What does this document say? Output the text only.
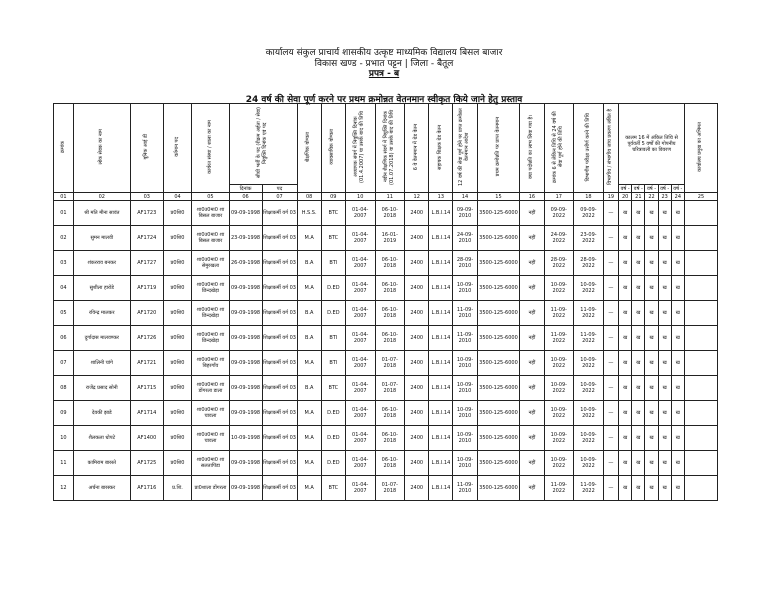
कार्यालय संकुल प्राचार्य शासकीय उत्कृष्ट माध्यमिक विद्यालय बिसल बाजार
विकास खण्ड - प्रभात पट्टन | जिला - बैतूल
प्रपत्र - ब
24 वर्ष की सेवा पूर्ण करने पर प्रथम क्रमोन्नत वेतनमान स्वीकृत किये जाने हेतु प्रस्ताव
क्रमांक	लोक सेवक का नाम	यूनिक आई डी	वर्तमान पद	कार्यरत संस्था / शाला का नाम	सीधी भर्ती के पद (रीक्रम अर्हता / सेवा) नियुक्ति दिनांक एवं पद		शैक्षणिक योग्यता	व्यावसायिक योग्यता	अध्यापक संवर्ग में नियुक्ति दिनांक (01.4.2007) या उसके बाद की तिथि	नवीन शैक्षणिक संवर्ग में नियुक्ति दिनांक (01.07.2018) या उसके बाद की तिथि	6 वे वेतनमान में ग्रेड वेतन	सहायक शिक्षक ग्रेड वेतन	12 वर्ष की सेवा पूर्ण होने पर प्राप्त क्रमोन्नत वेतनमान आदेश	प्रथम क्रमोन्नति पर प्राप्त वेतनमान	क्या पदोन्नति का लाभ लिया गया है।	क्रमांक 6 से लेकिन तिथि से 24 वर्ष की सेवा पूर्ण होने की तिथि	विभागीय परीक्षा उत्तीर्ण करने की तिथि	विभागीय / संभागीय जांच प्रकरण लंबित है	कालम 16 में अंकित तिथि से पूर्ववर्ती 5 वर्षों की गोपनीय चरित्रावली का विवरण					कार्यालय प्रमुख का अभिमत
					दिनांक	पद													वर्ष -	वर्ष -	वर्ष -	वर्ष -	वर्ष -	
01	02	03	04	05	06	07	08	09	10	11	12	13	14	15	16	17	18	19	20	21	22	23	24	25
01	श्री मति मीना सावंत	AF1723	प्र0शि0	शा0उ0मा0 शा बिसल बाजार	09-09-1998	शिक्षाकर्मी वर्ग 03	H.S.S.	BTC	01-04-2007	06-10-2018	2400	L.B.I.14	09-09-2010	3500-125-6000	नहीं	09-09-2022	09-09-2022	—	ख	ख	ख	ख	ख	
02	सुमन मालवी	AF1724	प्र0शि0	शा0उ0मा0 शा बिसल बाजार	23-09-1998	शिक्षाकर्मी वर्ग 03	M.A	BTC	01-04-2007	16-01-2019	2400	L.B.I.14	24-09-2010	3500-125-6000	नहीं	24-09-2022	23-09-2022	—	ख	ख	ख	ख	ख	
03	शंकरराव बनकर	AF1727	प्र0शि0	शा0उ0मा0 शा सेमुरखला	26-09-1998	शिक्षाकर्मी वर्ग 03	B.A	BTI	01-04-2007	06-10-2018	2400	L.B.I.14	28-09-2010	3500-125-6000	नहीं	28-09-2022	28-09-2022	—	ख	ख	ख	ख	ख	
04	सुशीला हारोडे	AF1719	प्र0शि0	शा0उ0मा0 शा छिन्दखेड़ा	09-09-1998	शिक्षाकर्मी वर्ग 03	M.A	D.ED	01-04-2007	06-10-2018	2400	L.B.I.14	10-09-2010	3500-125-6000	नहीं	10-09-2022	10-09-2022	—	ख	ख	ख	ख	ख	
05	रविन्द्र मालकर	AF1720	प्र0शि0	शा0उ0मा0 शा छिन्दखेड़ा	09-09-1998	शिक्षाकर्मी वर्ग 03	B.A	D.ED	01-04-2007	06-10-2018	2400	L.B.I.14	11-09-2010	3500-125-6000	नहीं	11-09-2022	11-09-2022	—	ख	ख	ख	ख	ख	
06	दुर्गादास मालवण्कर	AF1726	प्र0शि0	शा0उ0मा0 शा छिन्दखेड़ा	09-09-1998	शिक्षाकर्मी वर्ग 03	B.A	BTI	01-04-2007	06-10-2018	2400	L.B.I.14	11-09-2010	3500-125-6000	नहीं	11-09-2022	11-09-2022	—	ख	ख	ख	ख	ख	
07	शालिनी चांगे	AF1721	प्र0शि0	शा0उ0मा0 शा बिहरगाँव	09-09-1998	शिक्षाकर्मी वर्ग 03	M.A	BTI	01-04-2007	01-07-2018	2400	L.B.I.14	10-09-2010	3500-125-6000	नहीं	10-09-2022	10-09-2022	—	ख	ख	ख	ख	ख	
08	राजेंद्र प्रसाद सोनी	AF1715	प्र0शि0	शा0उ0मा0 शा डोंगरला डाला	09-09-1998	शिक्षाकर्मी वर्ग 03	B.A	BTC	01-04-2007	01-07-2018	2400	L.B.I.14	10-09-2010	3500-125-6000	नहीं	10-09-2022	10-09-2022	—	ख	ख	ख	ख	ख	
09	देवकी झाडे	AF1714	प्र0शि0	शा0उ0मा0 शा चावला	09-09-1998	शिक्षाकर्मी वर्ग 03	M.A	D.ED	01-04-2007	06-10-2018	2400	L.B.I.14	10-09-2010	3500-125-6000	नहीं	10-09-2022	10-09-2022	—	ख	ख	ख	ख	ख	
10	शैलकला धोपटे	AF1400	प्र0शि0	शा0उ0मा0 शा चावला	10-09-1998	शिक्षाकर्मी वर्ग 03	M.A	D.ED	01-04-2007	06-10-2018	2400	L.B.I.14	10-09-2010	3500-125-6000	नहीं	10-09-2022	10-09-2022	—	ख	ख	ख	ख	ख	
11	कामिराम बारस्ते	AF1725	प्र0शि0	शा0उ0मा0 शा सलतापिंडा	09-09-1998	शिक्षाकर्मी वर्ग 03	M.A	D.ED	01-04-2007	06-10-2018	2400	L.B.I.14	10-09-2010	3500-125-6000	नहीं	10-09-2022	10-09-2022	—	ख	ख	ख	ख	ख	
12	अर्चना बारस्कर	AF1716	प्र.शि.	प्रा0शाला डोंगरला	09-09-1998	शिक्षाकर्मी वर्ग 03	M.A	BTC	01-04-2007	01-07-2018	2400	L.B.I.14	11-09-2010	3500-125-6000	नहीं	11-09-2022	11-09-2022	—	ख	ख	ख	ख	ख	
